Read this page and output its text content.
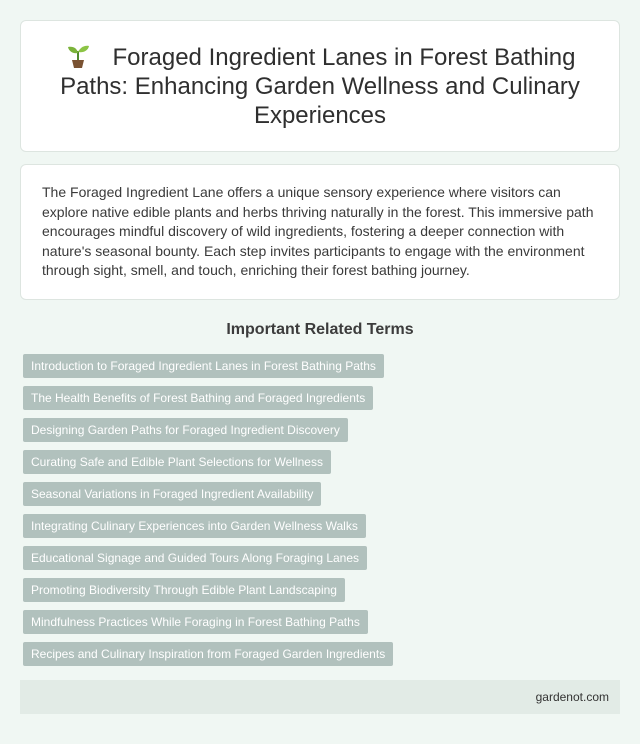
Foraged Ingredient Lanes in Forest Bathing Paths: Enhancing Garden Wellness and Culinary Experiences

The Foraged Ingredient Lane offers a unique sensory experience where visitors can explore native edible plants and herbs thriving naturally in the forest. This immersive path encourages mindful discovery of wild ingredients, fostering a deeper connection with nature's seasonal bounty. Each step invites participants to engage with the environment through sight, smell, and touch, enriching their forest bathing journey.

Important Related Terms
Introduction to Foraged Ingredient Lanes in Forest Bathing Paths
The Health Benefits of Forest Bathing and Foraged Ingredients
Designing Garden Paths for Foraged Ingredient Discovery
Curating Safe and Edible Plant Selections for Wellness
Seasonal Variations in Foraged Ingredient Availability
Integrating Culinary Experiences into Garden Wellness Walks
Educational Signage and Guided Tours Along Foraging Lanes
Promoting Biodiversity Through Edible Plant Landscaping
Mindfulness Practices While Foraging in Forest Bathing Paths
Recipes and Culinary Inspiration from Foraged Garden Ingredients
gardenot.com
